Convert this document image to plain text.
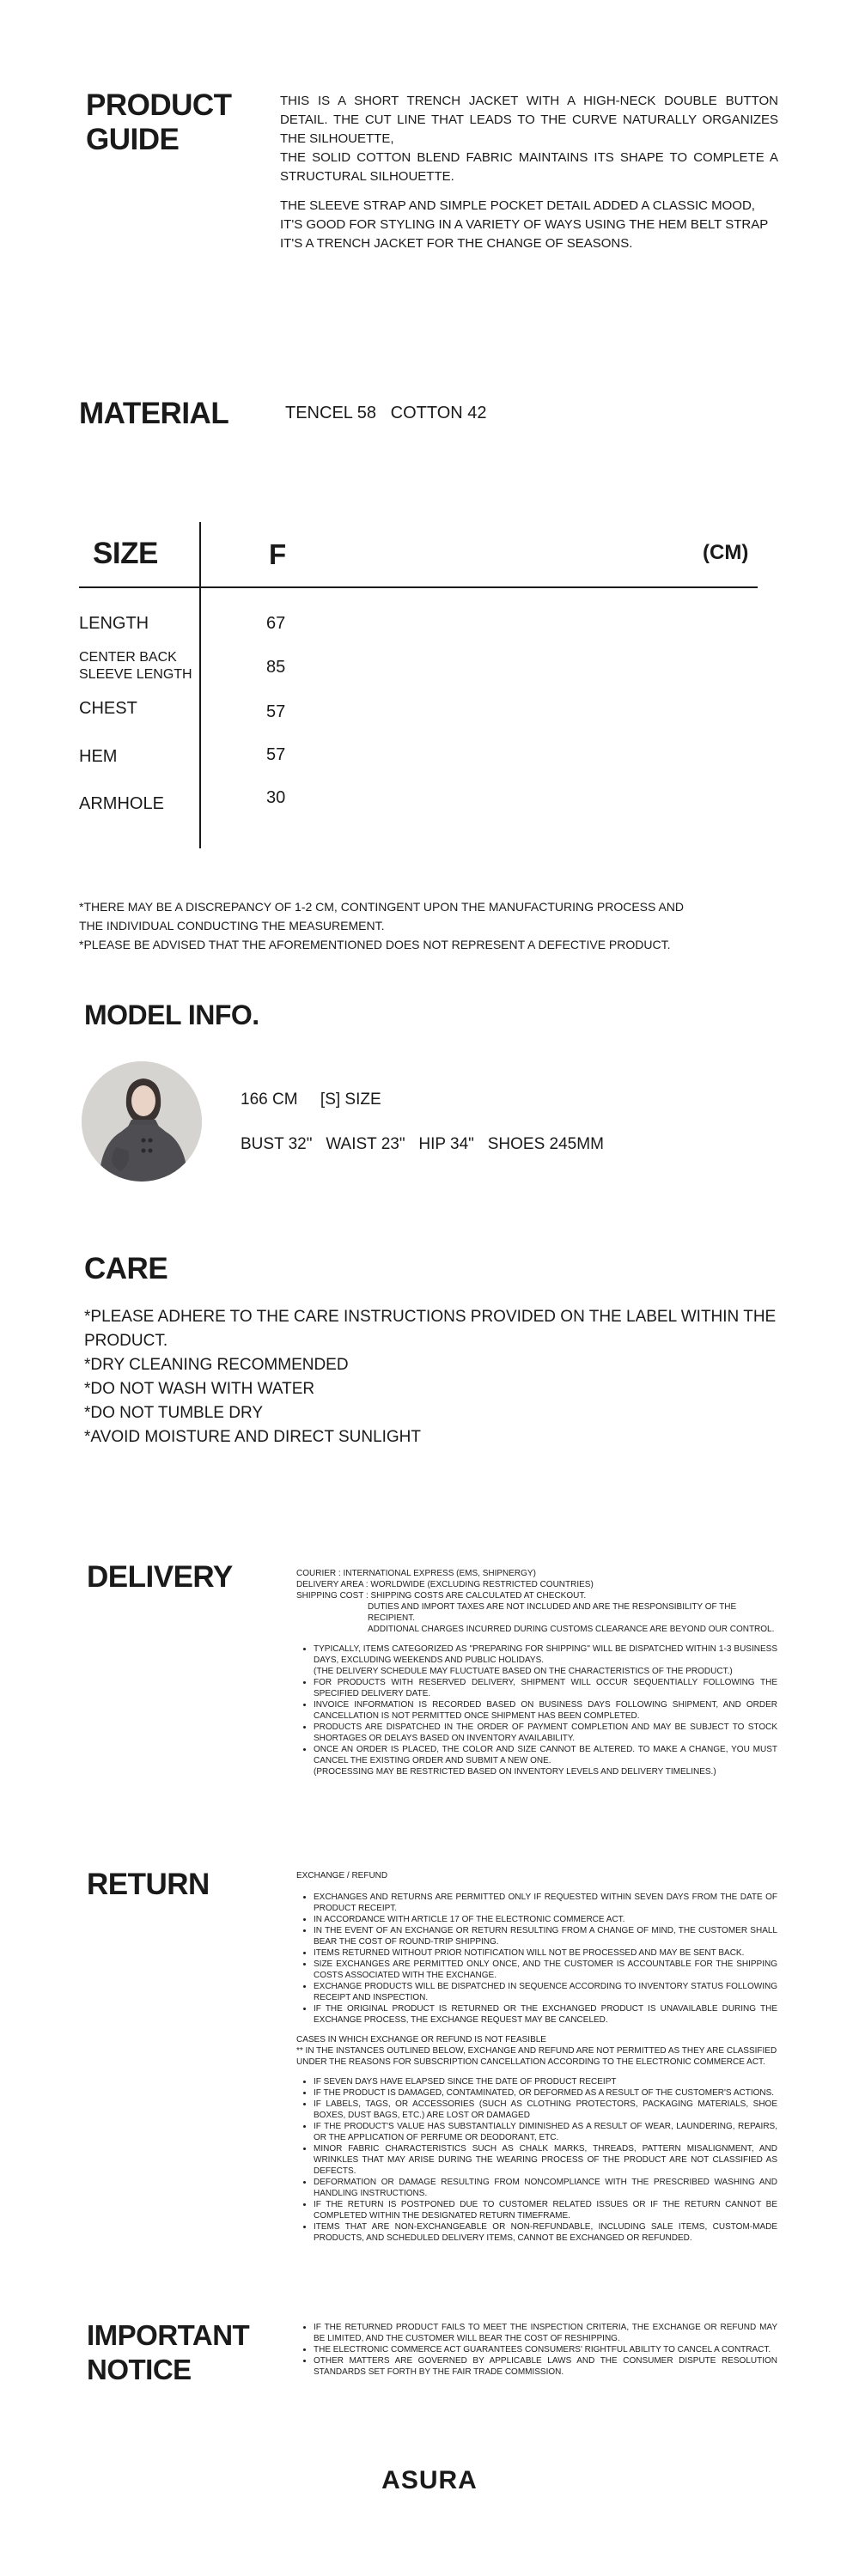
PRODUCT GUIDE

THIS IS A SHORT TRENCH JACKET WITH A HIGH-NECK DOUBLE BUTTON DETAIL. THE CUT LINE THAT LEADS TO THE CURVE NATURALLY ORGANIZES THE SILHOUETTE,

THE SOLID COTTON BLEND FABRIC MAINTAINS ITS SHAPE TO COMPLETE A STRUCTURAL SILHOUETTE.

THE SLEEVE STRAP AND SIMPLE POCKET DETAIL ADDED A CLASSIC MOOD,

IT'S GOOD FOR STYLING IN A VARIETY OF WAYS USING THE HEM BELT STRAP

IT'S A TRENCH JACKET FOR THE CHANGE OF SEASONS.

MATERIAL	TENCEL 58   COTTON 42
SIZE	F	(CM)
LENGTH	67
CENTER BACK
SLEEVE LENGTH	85
CHEST	57
HEM	57
ARMHOLE	30
*THERE MAY BE A DISCREPANCY OF 1-2 CM, CONTINGENT UPON THE MANUFACTURING PROCESS AND
THE INDIVIDUAL CONDUCTING THE MEASUREMENT.
*PLEASE BE ADVISED THAT THE AFOREMENTIONED DOES NOT REPRESENT A DEFECTIVE PRODUCT.
MODEL INFO.
166 CM     [S] SIZE
BUST 32"   WAIST 23"   HIP 34"   SHOES 245MM
CARE
*PLEASE ADHERE TO THE CARE INSTRUCTIONS PROVIDED ON THE LABEL WITHIN THE PRODUCT.
*DRY CLEANING RECOMMENDED
*DO NOT WASH WITH WATER
*DO NOT TUMBLE DRY
*AVOID MOISTURE AND DIRECT SUNLIGHT
DELIVERY	COURIER : INTERNATIONAL EXPRESS (EMS, SHIPNERGY)

DELIVERY AREA : WORLDWIDE (EXCLUDING RESTRICTED COUNTRIES)

SHIPPING COST : SHIPPING COSTS ARE CALCULATED AT CHECKOUT.

DUTIES AND IMPORT TAXES ARE NOT INCLUDED AND ARE THE RESPONSIBILITY OF THE RECIPIENT.

ADDITIONAL CHARGES INCURRED DURING CUSTOMS CLEARANCE ARE BEYOND OUR CONTROL.

• TYPICALLY, ITEMS CATEGORIZED AS "PREPARING FOR SHIPPING" WILL BE DISPATCHED WITHIN 1-3 BUSINESS DAYS, EXCLUDING WEEKENDS AND PUBLIC HOLIDAYS.
(THE DELIVERY SCHEDULE MAY FLUCTUATE BASED ON THE CHARACTERISTICS OF THE PRODUCT.)
• FOR PRODUCTS WITH RESERVED DELIVERY, SHIPMENT WILL OCCUR SEQUENTIALLY FOLLOWING THE SPECIFIED DELIVERY DATE.
• INVOICE INFORMATION IS RECORDED BASED ON BUSINESS DAYS FOLLOWING SHIPMENT, AND ORDER CANCELLATION IS NOT PERMITTED ONCE SHIPMENT HAS BEEN COMPLETED.
• PRODUCTS ARE DISPATCHED IN THE ORDER OF PAYMENT COMPLETION AND MAY BE SUBJECT TO STOCK SHORTAGES OR DELAYS BASED ON INVENTORY AVAILABILITY.
• ONCE AN ORDER IS PLACED, THE COLOR AND SIZE CANNOT BE ALTERED. TO MAKE A CHANGE, YOU MUST CANCEL THE EXISTING ORDER AND SUBMIT A NEW ONE.
(PROCESSING MAY BE RESTRICTED BASED ON INVENTORY LEVELS AND DELIVERY TIMELINES.)
RETURN	EXCHANGE / REFUND

• EXCHANGES AND RETURNS ARE PERMITTED ONLY IF REQUESTED WITHIN SEVEN DAYS FROM THE DATE OF PRODUCT RECEIPT.
• IN ACCORDANCE WITH ARTICLE 17 OF THE ELECTRONIC COMMERCE ACT.
• IN THE EVENT OF AN EXCHANGE OR RETURN RESULTING FROM A CHANGE OF MIND, THE CUSTOMER SHALL BEAR THE COST OF ROUND-TRIP SHIPPING.
• ITEMS RETURNED WITHOUT PRIOR NOTIFICATION WILL NOT BE PROCESSED AND MAY BE SENT BACK.
• SIZE EXCHANGES ARE PERMITTED ONLY ONCE, AND THE CUSTOMER IS ACCOUNTABLE FOR THE SHIPPING COSTS ASSOCIATED WITH THE EXCHANGE.
• EXCHANGE PRODUCTS WILL BE DISPATCHED IN SEQUENCE ACCORDING TO INVENTORY STATUS FOLLOWING RECEIPT AND INSPECTION.
• IF THE ORIGINAL PRODUCT IS RETURNED OR THE EXCHANGED PRODUCT IS UNAVAILABLE DURING THE EXCHANGE PROCESS, THE EXCHANGE REQUEST MAY BE CANCELED.

CASES IN WHICH EXCHANGE OR REFUND IS NOT FEASIBLE

** IN THE INSTANCES OUTLINED BELOW, EXCHANGE AND REFUND ARE NOT PERMITTED AS THEY ARE CLASSIFIED UNDER THE REASONS FOR SUBSCRIPTION CANCELLATION ACCORDING TO THE ELECTRONIC COMMERCE ACT.

• IF SEVEN DAYS HAVE ELAPSED SINCE THE DATE OF PRODUCT RECEIPT
• IF THE PRODUCT IS DAMAGED, CONTAMINATED, OR DEFORMED AS A RESULT OF THE CUSTOMER'S ACTIONS.
• IF LABELS, TAGS, OR ACCESSORIES (SUCH AS CLOTHING PROTECTORS, PACKAGING MATERIALS, SHOE BOXES, DUST BAGS, ETC.) ARE LOST OR DAMAGED
• IF THE PRODUCT'S VALUE HAS SUBSTANTIALLY DIMINISHED AS A RESULT OF WEAR, LAUNDERING, REPAIRS, OR THE APPLICATION OF PERFUME OR DEODORANT, ETC.
• MINOR FABRIC CHARACTERISTICS SUCH AS CHALK MARKS, THREADS, PATTERN MISALIGNMENT, AND WRINKLES THAT MAY ARISE DURING THE WEARING PROCESS OF THE PRODUCT ARE NOT CLASSIFIED AS DEFECTS.
• DEFORMATION OR DAMAGE RESULTING FROM NONCOMPLIANCE WITH THE PRESCRIBED WASHING AND HANDLING INSTRUCTIONS.
• IF THE RETURN IS POSTPONED DUE TO CUSTOMER RELATED ISSUES OR IF THE RETURN CANNOT BE COMPLETED WITHIN THE DESIGNATED RETURN TIMEFRAME.
• ITEMS THAT ARE NON-EXCHANGEABLE OR NON-REFUNDABLE, INCLUDING SALE ITEMS, CUSTOM-MADE PRODUCTS, AND SCHEDULED DELIVERY ITEMS, CANNOT BE EXCHANGED OR REFUNDED.
IMPORTANT
NOTICE
• IF THE RETURNED PRODUCT FAILS TO MEET THE INSPECTION CRITERIA, THE EXCHANGE OR REFUND MAY BE LIMITED, AND THE CUSTOMER WILL BEAR THE COST OF RESHIPPING.
• THE ELECTRONIC COMMERCE ACT GUARANTEES CONSUMERS' RIGHTFUL ABILITY TO CANCEL A CONTRACT.
• OTHER MATTERS ARE GOVERNED BY APPLICABLE LAWS AND THE CONSUMER DISPUTE RESOLUTION STANDARDS SET FORTH BY THE FAIR TRADE COMMISSION.
ASURA
